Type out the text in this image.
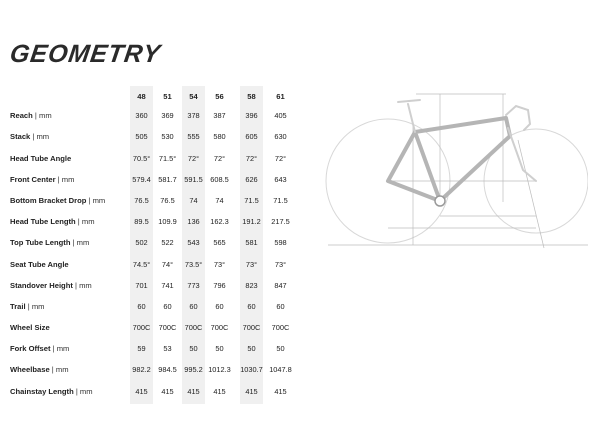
GEOMETRY
48	51	54	56	58	61
Reach | mm	360	369	378	387	396	405
Stack | mm	505	530	555	580	605	630
Head Tube Angle	70.5°	71.5°	72°	72°	72°	72°
Front Center | mm	579.4	581.7	591.5	608.5	626	643
Bottom Bracket Drop | mm	76.5	76.5	74	74	71.5	71.5
Head Tube Length | mm	89.5	109.9	136	162.3	191.2	217.5
Top Tube Length | mm	502	522	543	565	581	598
Seat Tube Angle	74.5°	74°	73.5°	73°	73°	73°
Standover Height | mm	701	741	773	796	823	847
Trail | mm	60	60	60	60	60	60
Wheel Size	700C	700C	700C	700C	700C	700C
Fork Offset | mm	59	53	50	50	50	50
Wheelbase | mm	982.2	984.5	995.2 1012.3 1030.7 1047.8
Chainstay Length | mm	415	415	415	415	415	415
